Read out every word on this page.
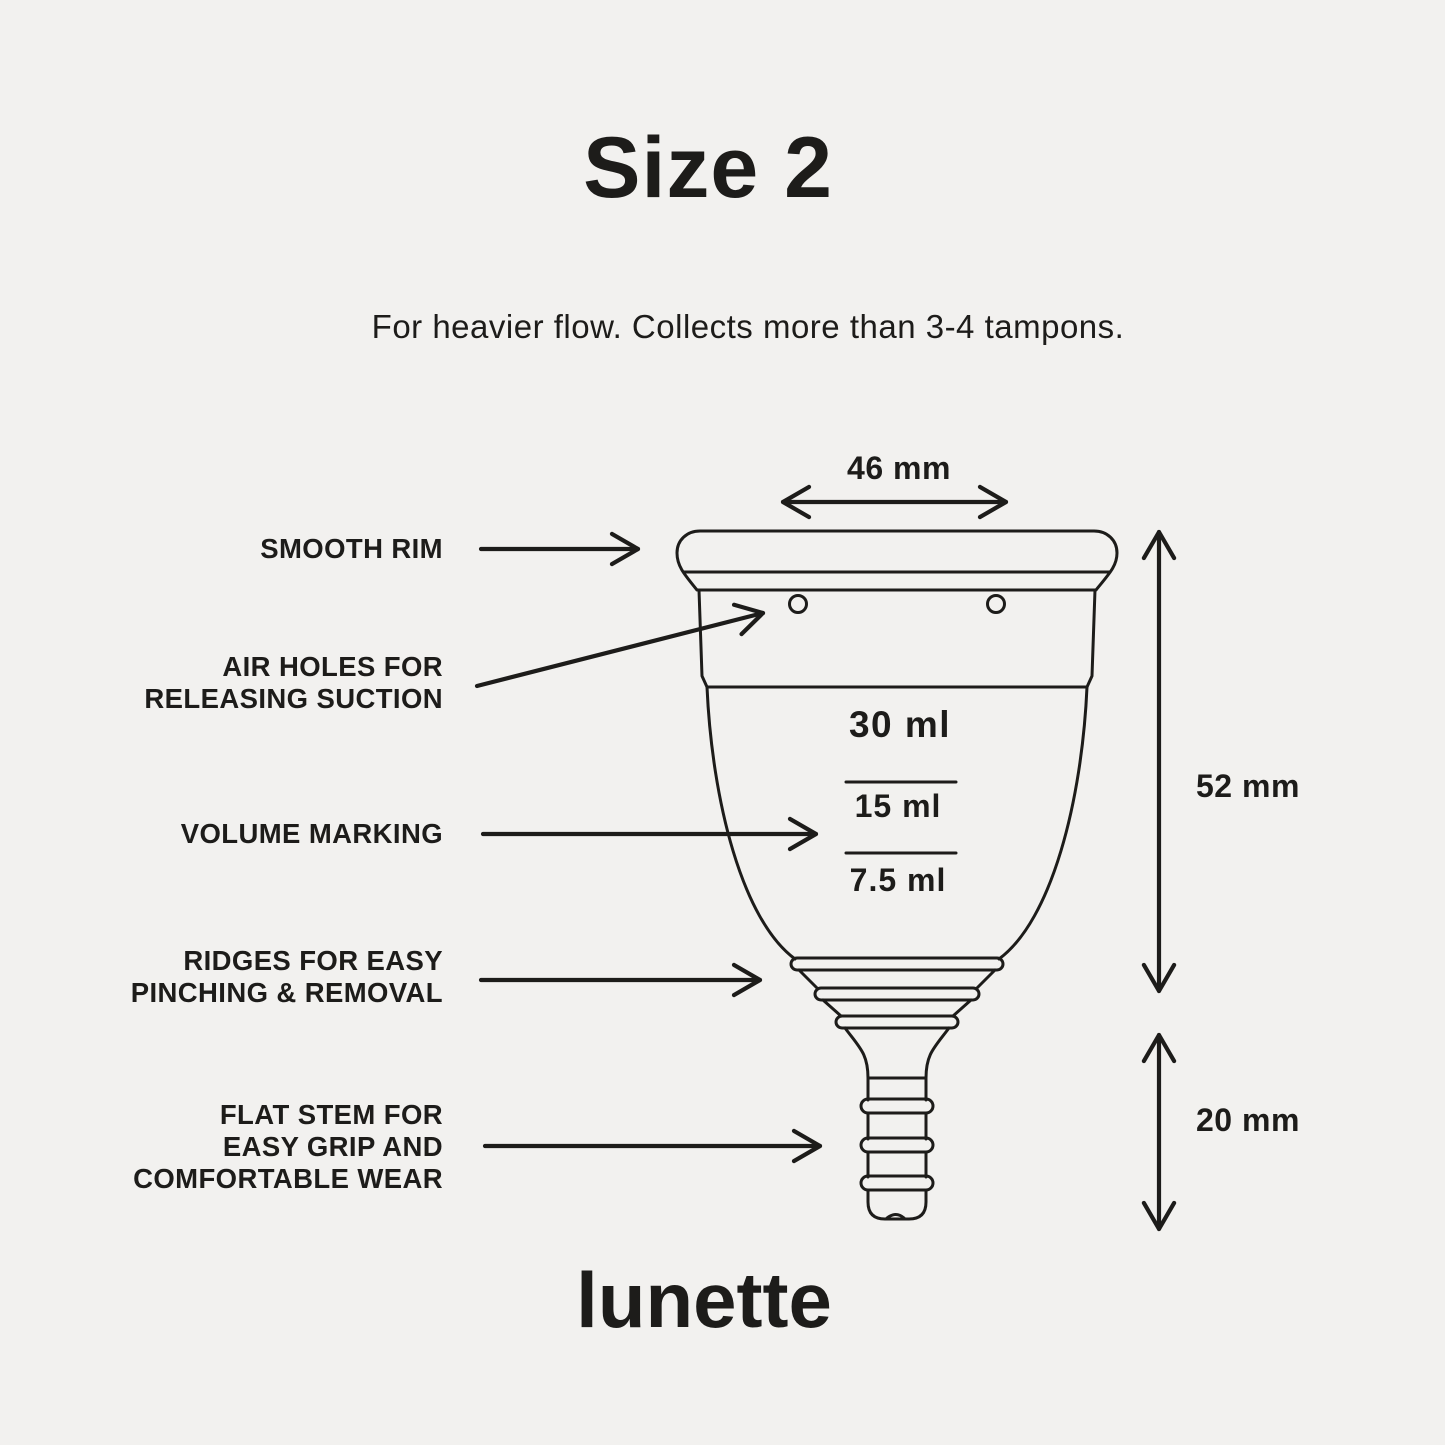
Size 2
For heavier flow. Collects more than 3-4 tampons.
30 ml
15 ml
7.5 ml
SMOOTH RIM
AIR HOLES FOR
RELEASING SUCTION
VOLUME MARKING
RIDGES FOR EASY
PINCHING & REMOVAL
FLAT STEM FOR
EASY GRIP AND
COMFORTABLE WEAR
46 mm
52 mm
20 mm
lunette
